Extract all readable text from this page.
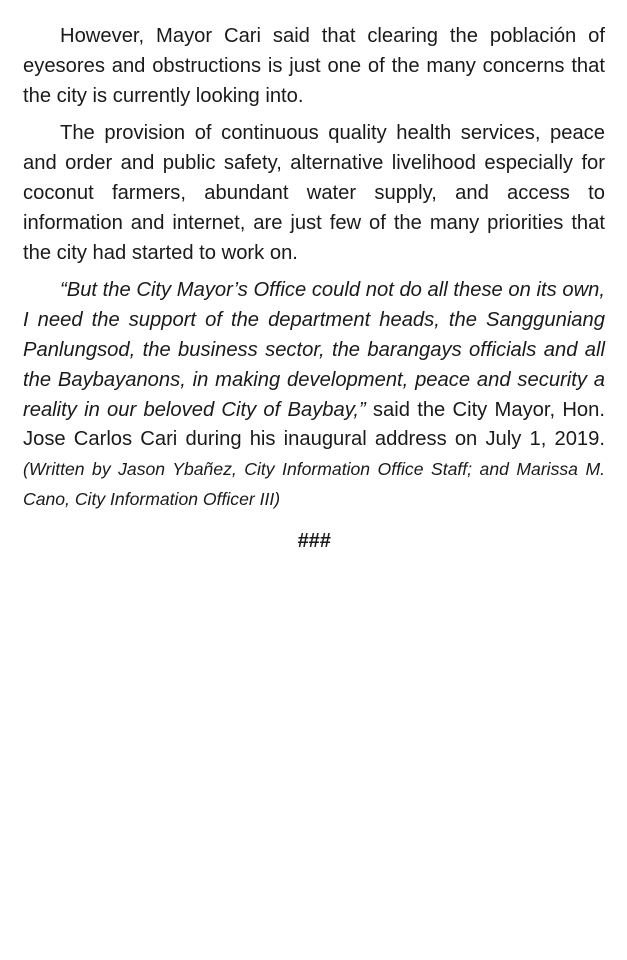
However, Mayor Cari said that clearing the población of eyesores and obstructions is just one of the many concerns that the city is currently looking into.

The provision of continuous quality health services, peace and order and public safety, alternative livelihood especially for coconut farmers, abundant water supply, and access to information and internet, are just few of the many priorities that the city had started to work on.

“But the City Mayor’s Office could not do all these on its own, I need the support of the department heads, the Sangguniang Panlungsod, the business sector, the barangays officials and all the Baybayanons, in making development, peace and security a reality in our beloved City of Baybay,” said the City Mayor, Hon. Jose Carlos Cari during his inaugural address on July 1, 2019. (Written by Jason Ybañez, City Information Office Staff; and Marissa M. Cano, City Information Officer III)

###
